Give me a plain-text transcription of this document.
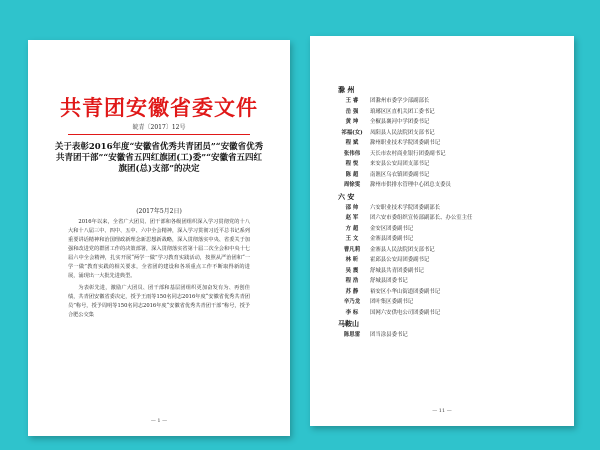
共青团安徽省委文件
皖青〔2017〕12号
关于表彰2016年度“安徽省优秀共青团员”“安徽省优秀共青团干部”“安徽省五四红旗团(工)委”“安徽省五四红旗团(总)支部”的决定
(2017年5月2日)

2016年以来，全省广大团员、团干部和各级团组织深入学习贯彻党的十八大和十八届三中、四中、五中、六中全会精神，深入学习贯彻习近平总书记系列重要讲话精神和治国理政新理念新思想新战略，深入贯彻落实中央、省委关于加强和改进党的群团工作的决策部署，深入贯彻落实省第十届二次全会和中央十七届六中全会精神，扎实开展“两学一做”学习教育实践活动，按照从严治团和“一学一做”教育实践的相关要求，全省团的建设和各项重点工作不断取得新的进展，涌现出一大批先进典型。

为表彰先进，激励广大团员、团干部和基层团组织更加奋发有为、再创佳绩，共青团安徽省委决定，授予王雨等150名同志2016年度“安徽省优秀共青团员”称号，授予周明等150名同志2016年度“安徽省优秀共青团干部”称号，授予合肥公交集

— 1 —
滁 州
王 睿	团滁州市委学少部副部长
岳 强	琅琊区区直机关团工委书记
黄 坤	全椒县襄河中学团委书记
祁福(女)	凤阳县人民法院团支部书记
程 斌	滁州职业技术学院团委副书记
张伟伟	天长市农村商业银行团委副书记
程 悦	来安县公安局团支部书记
陈 超	南谯区乌衣镇团委副书记
周徐雯	滁州市供排水管理中心团总支委员
六 安
邵 帅	六安职业技术学院团委副部长
赵 军	团六安市委组织宣传部副部长、办公室主任
方 超	金安区团委副书记
王 文	金寨县团委副书记
曹凡莉	金寨县人民法院团支部书记
林 昕	霍邱县公安局团委副书记
吴 震	舒城县共青团委副书记
程 浩	舒城县团委书记
苏 静	裕安区小华山街道团委副书记
辛乃龙	团叶集区委副书记
李 标	国网六安供电公司团委副书记
马鞍山
陈思雷	团当涂县委书记
— 11 —
